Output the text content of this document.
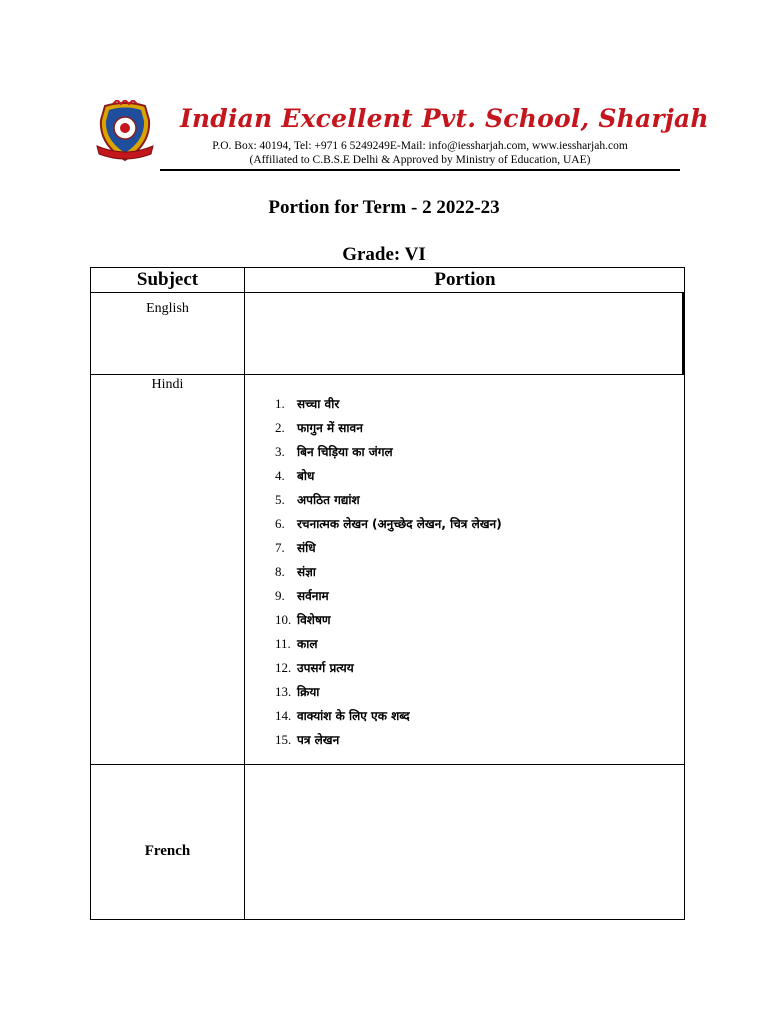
Indian Excellent Pvt. School, Sharjah
P.O. Box: 40194, Tel: +971 6 5249249E-Mail: info@iessharjah.com, www.iessharjah.com
(Affiliated to C.B.S.E Delhi & Approved by Ministry of Education, UAE)
Portion for Term - 2 2022-23
Grade: VI
Subject	Portion
English
Hindi
French
1. सच्चा वीर
2. फागुन में सावन
3. बिन चिड़िया का जंगल
4. बोध
5. अपठित गद्यांश
6. रचनात्मक लेखन (अनुच्छेद लेखन, चित्र लेखन)
7. संधि
8. संज्ञा
9. सर्वनाम
10. विशेषण
11. काल
12. उपसर्ग प्रत्यय
13. क्रिया
14. वाक्यांश के लिए एक शब्द
15. पत्र लेखन
